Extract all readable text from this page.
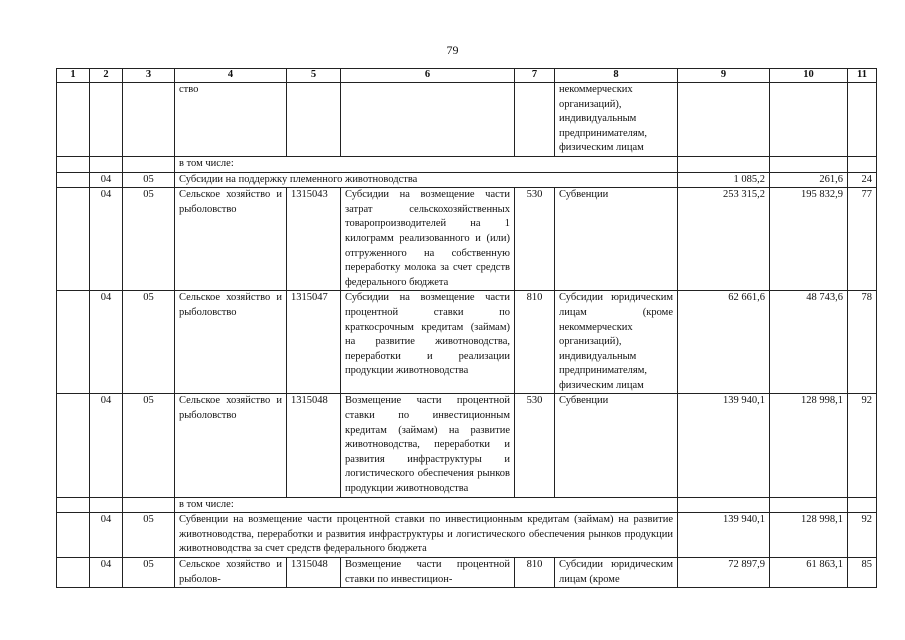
79
1	2	3	4	5	6	7	8	9	10	11
			ство				некоммерческих организаций), индивидуальным предпринимателям, физическим лицам			
			в том числе:							
	04	05	Субсидии на поддержку племенного животноводства					1 085,2	261,6	24
	04	05	Сельское хозяйство и рыболовство	1315043	Субсидии на возмещение части затрат сельскохозяйственных товаропроизводителей на 1 килограмм реализованного и (или) отгруженного на собственную переработку молока за счет средств федерального бюджета	530	Субвенции	253 315,2	195 832,9	77
	04	05	Сельское хозяйство и рыболовство	1315047	Субсидии на возмещение части процентной ставки по краткосрочным кредитам (займам) на развитие животноводства, переработки и реализации продукции животноводства	810	Субсидии юридическим лицам (кроме некоммерческих организаций), индивидуальным предпринимателям, физическим лицам	62 661,6	48 743,6	78
	04	05	Сельское хозяйство и рыболовство	1315048	Возмещение части процентной ставки по инвестиционным кредитам (займам) на развитие животноводства, переработки и развития инфраструктуры и логистического обеспечения рынков продукции животноводства	530	Субвенции	139 940,1	128 998,1	92
			в том числе:							
	04	05	Субвенции на возмещение части процентной ставки по инвестиционным кредитам (займам) на развитие животноводства, переработки и развития инфраструктуры и логистического обеспечения рынков продукции животноводства за счет средств федерального бюджета					139 940,1	128 998,1	92
	04	05	Сельское хозяйство и рыболов-	1315048	Возмещение части процентной ставки по инвестицион-	810	Субсидии юридическим лицам (кроме	72 897,9	61 863,1	85
